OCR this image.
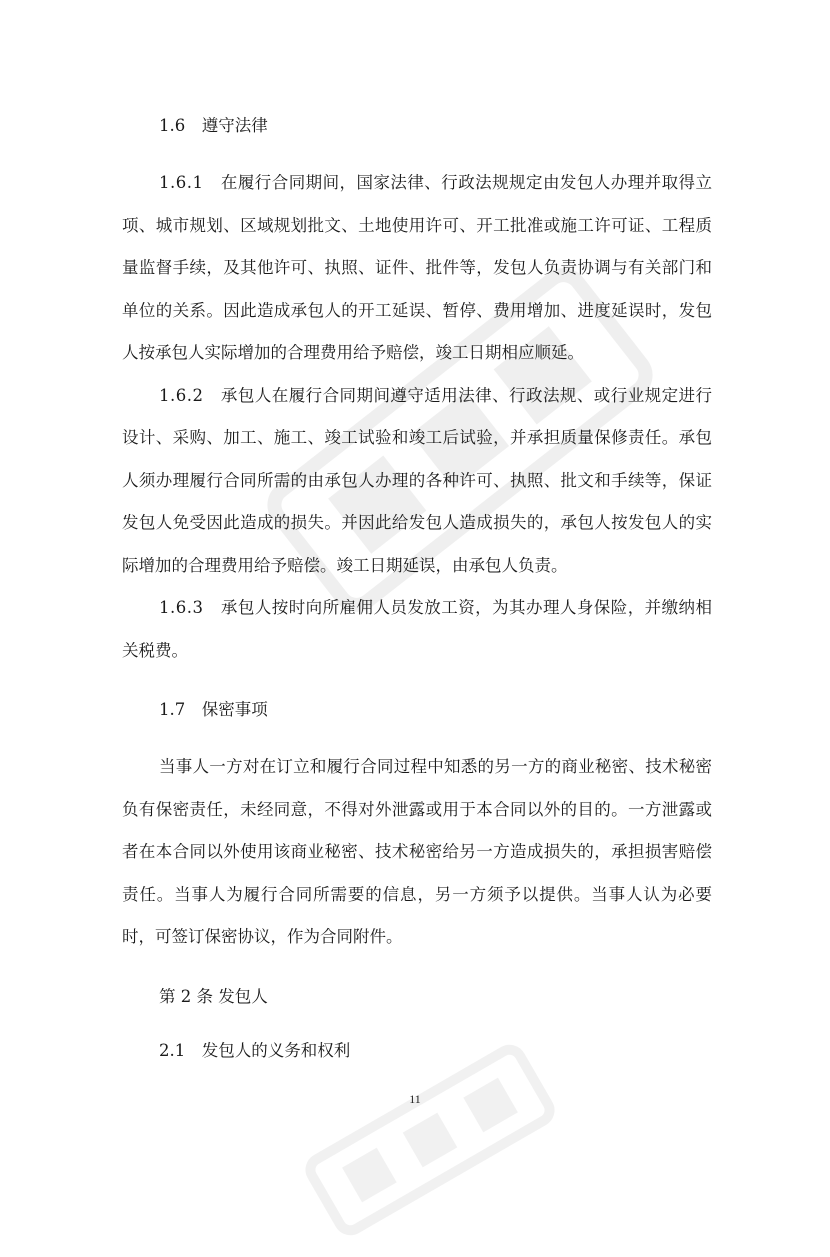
1.6　遵守法律

1.6.1　 在履行合同期间，国家法律、行政法规规定由发包人办理并取得立项、城市规划、区域规划批文、土地使用许可、开工批准或施工许可证、工程质量监督手续，及其他许可、执照、证件、批件等，发包人负责协调与有关部门和单位的关系。因此造成承包人的开工延误、暂停、费用增加、进度延误时，发包人按承包人实际增加的合理费用给予赔偿，竣工日期相应顺延。

1.6.2　 承包人在履行合同期间遵守适用法律、行政法规、或行业规定进行设计、采购、加工、施工、竣工试验和竣工后试验，并承担质量保修责任。承包人须办理履行合同所需的由承包人办理的各种许可、执照、批文和手续等，保证发包人免受因此造成的损失。并因此给发包人造成损失的，承包人按发包人的实际增加的合理费用给予赔偿。竣工日期延误，由承包人负责。

1.6.3　 承包人按时向所雇佣人员发放工资，为其办理人身保险，并缴纳相关税费。

1.7　保密事项

当事人一方对在订立和履行合同过程中知悉的另一方的商业秘密、技术秘密负有保密责任，未经同意，不得对外泄露或用于本合同以外的目的。一方泄露或者在本合同以外使用该商业秘密、技术秘密给另一方造成损失的，承担损害赔偿责任。当事人为履行合同所需要的信息，另一方须予以提供。当事人认为必要时，可签订保密协议，作为合同附件。

第 2 条 发包人

2.1　发包人的义务和权利

11
